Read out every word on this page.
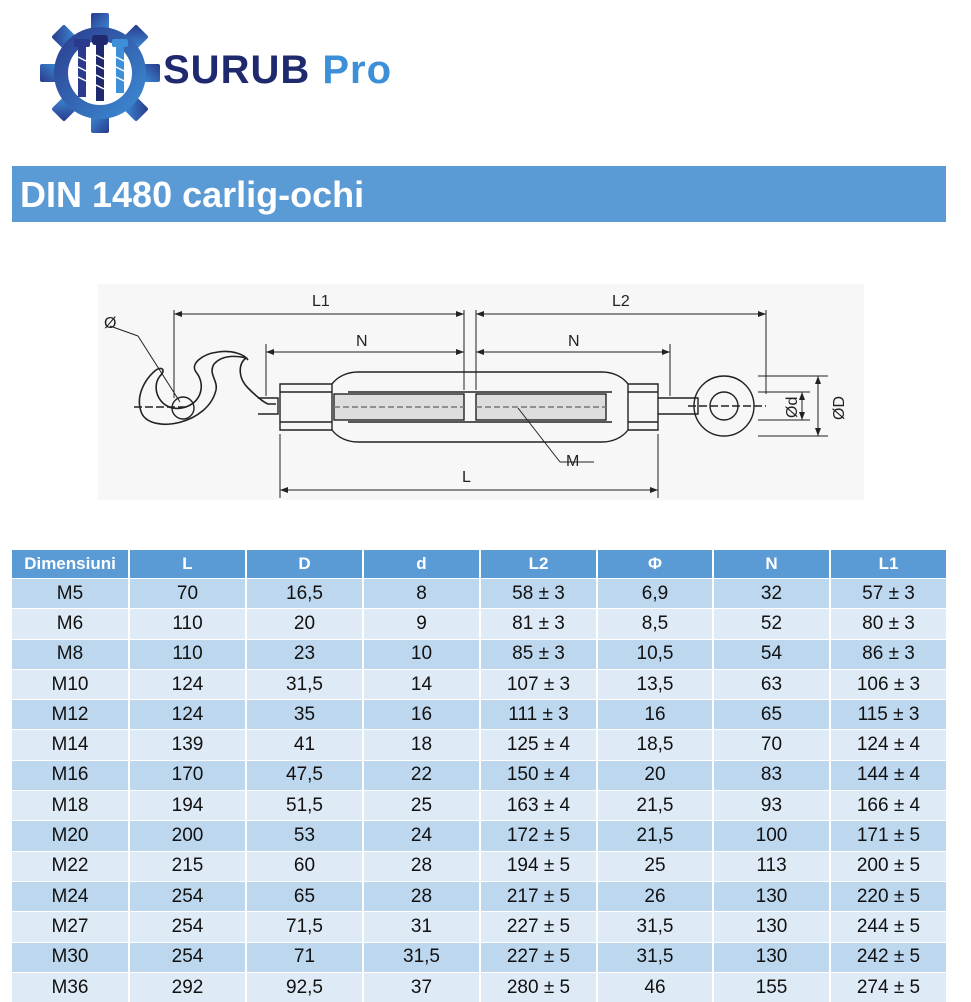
SURUB Pro
DIN 1480 carlig-ochi
L1	L2
N	N
L
M
Ø
Ød ØD
Dimensiuni	L	D	d	L2	Φ	N	L1
M5	70	16,5	8	58 ± 3	6,9	32	57 ± 3
M6	110	20	9	81 ± 3	8,5	52	80 ± 3
M8	110	23	10	85 ± 3	10,5	54	86 ± 3
M10	124	31,5	14	107 ± 3	13,5	63	106 ± 3
M12	124	35	16	111 ± 3	16	65	115 ± 3
M14	139	41	18	125 ± 4	18,5	70	124 ± 4
M16	170	47,5	22	150 ± 4	20	83	144 ± 4
M18	194	51,5	25	163 ± 4	21,5	93	166 ± 4
M20	200	53	24	172 ± 5	21,5	100	171 ± 5
M22	215	60	28	194 ± 5	25	113	200 ± 5
M24	254	65	28	217 ± 5	26	130	220 ± 5
M27	254	71,5	31	227 ± 5	31,5	130	244 ± 5
M30	254	71	31,5	227 ± 5	31,5	130	242 ± 5
M36	292	92,5	37	280 ± 5	46	155	274 ± 5
